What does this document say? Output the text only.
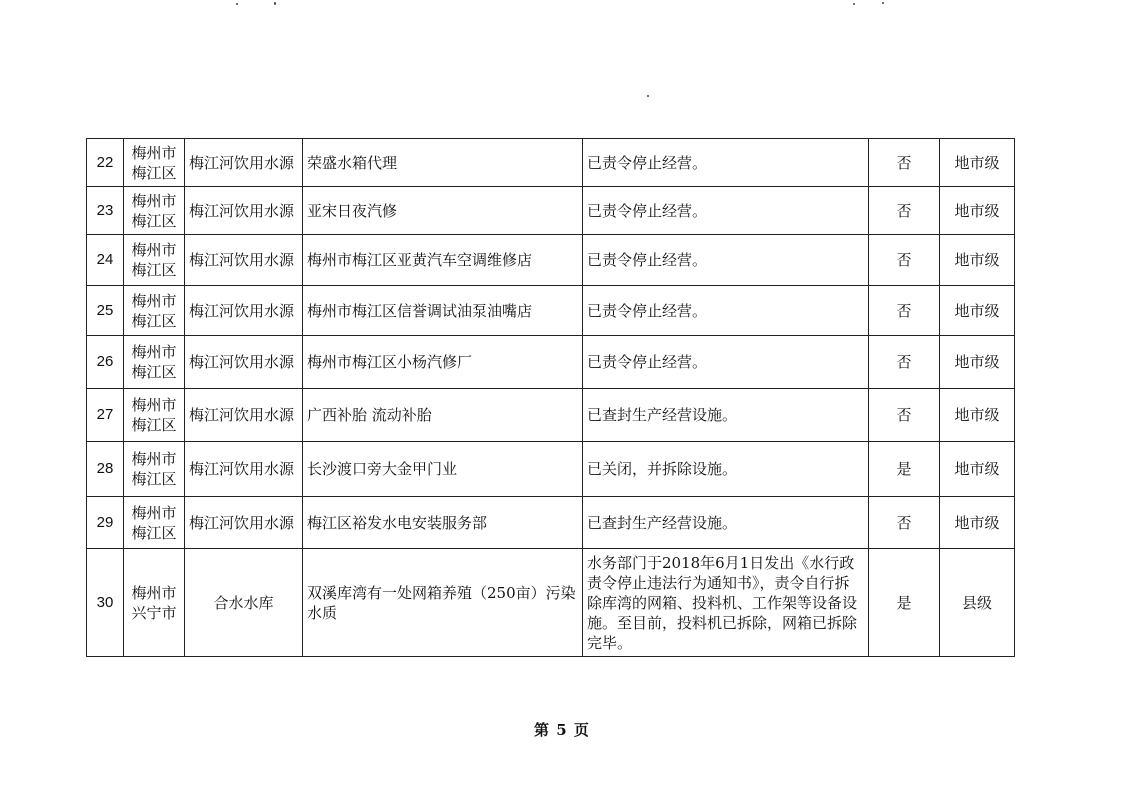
22	梅州市梅江区	梅江河饮用水源	荣盛水箱代理	已责令停止经营。	否	地市级
23	梅州市梅江区	梅江河饮用水源	亚宋日夜汽修	已责令停止经营。	否	地市级
24	梅州市梅江区	梅江河饮用水源	梅州市梅江区亚黄汽车空调维修店	已责令停止经营。	否	地市级
25	梅州市梅江区	梅江河饮用水源	梅州市梅江区信誉调试油泵油嘴店	已责令停止经营。	否	地市级
26	梅州市梅江区	梅江河饮用水源	梅州市梅江区小杨汽修厂	已责令停止经营。	否	地市级
27	梅州市梅江区	梅江河饮用水源	广西补胎 流动补胎	已查封生产经营设施。	否	地市级
28	梅州市梅江区	梅江河饮用水源	长沙渡口旁大金甲门业	已关闭，并拆除设施。	是	地市级
29	梅州市梅江区	梅江河饮用水源	梅江区裕发水电安装服务部	已查封生产经营设施。	否	地市级
30	梅州市兴宁市	合水水库	双溪库湾有一处网箱养殖（250亩）污染水质	水务部门于2018年6月1日发出《水行政责令停止违法行为通知书》，责令自行拆除库湾的网箱、投料机、工作架等设备设施。至目前，投料机已拆除，网箱已拆除完毕。	是	县级
第 5 页
